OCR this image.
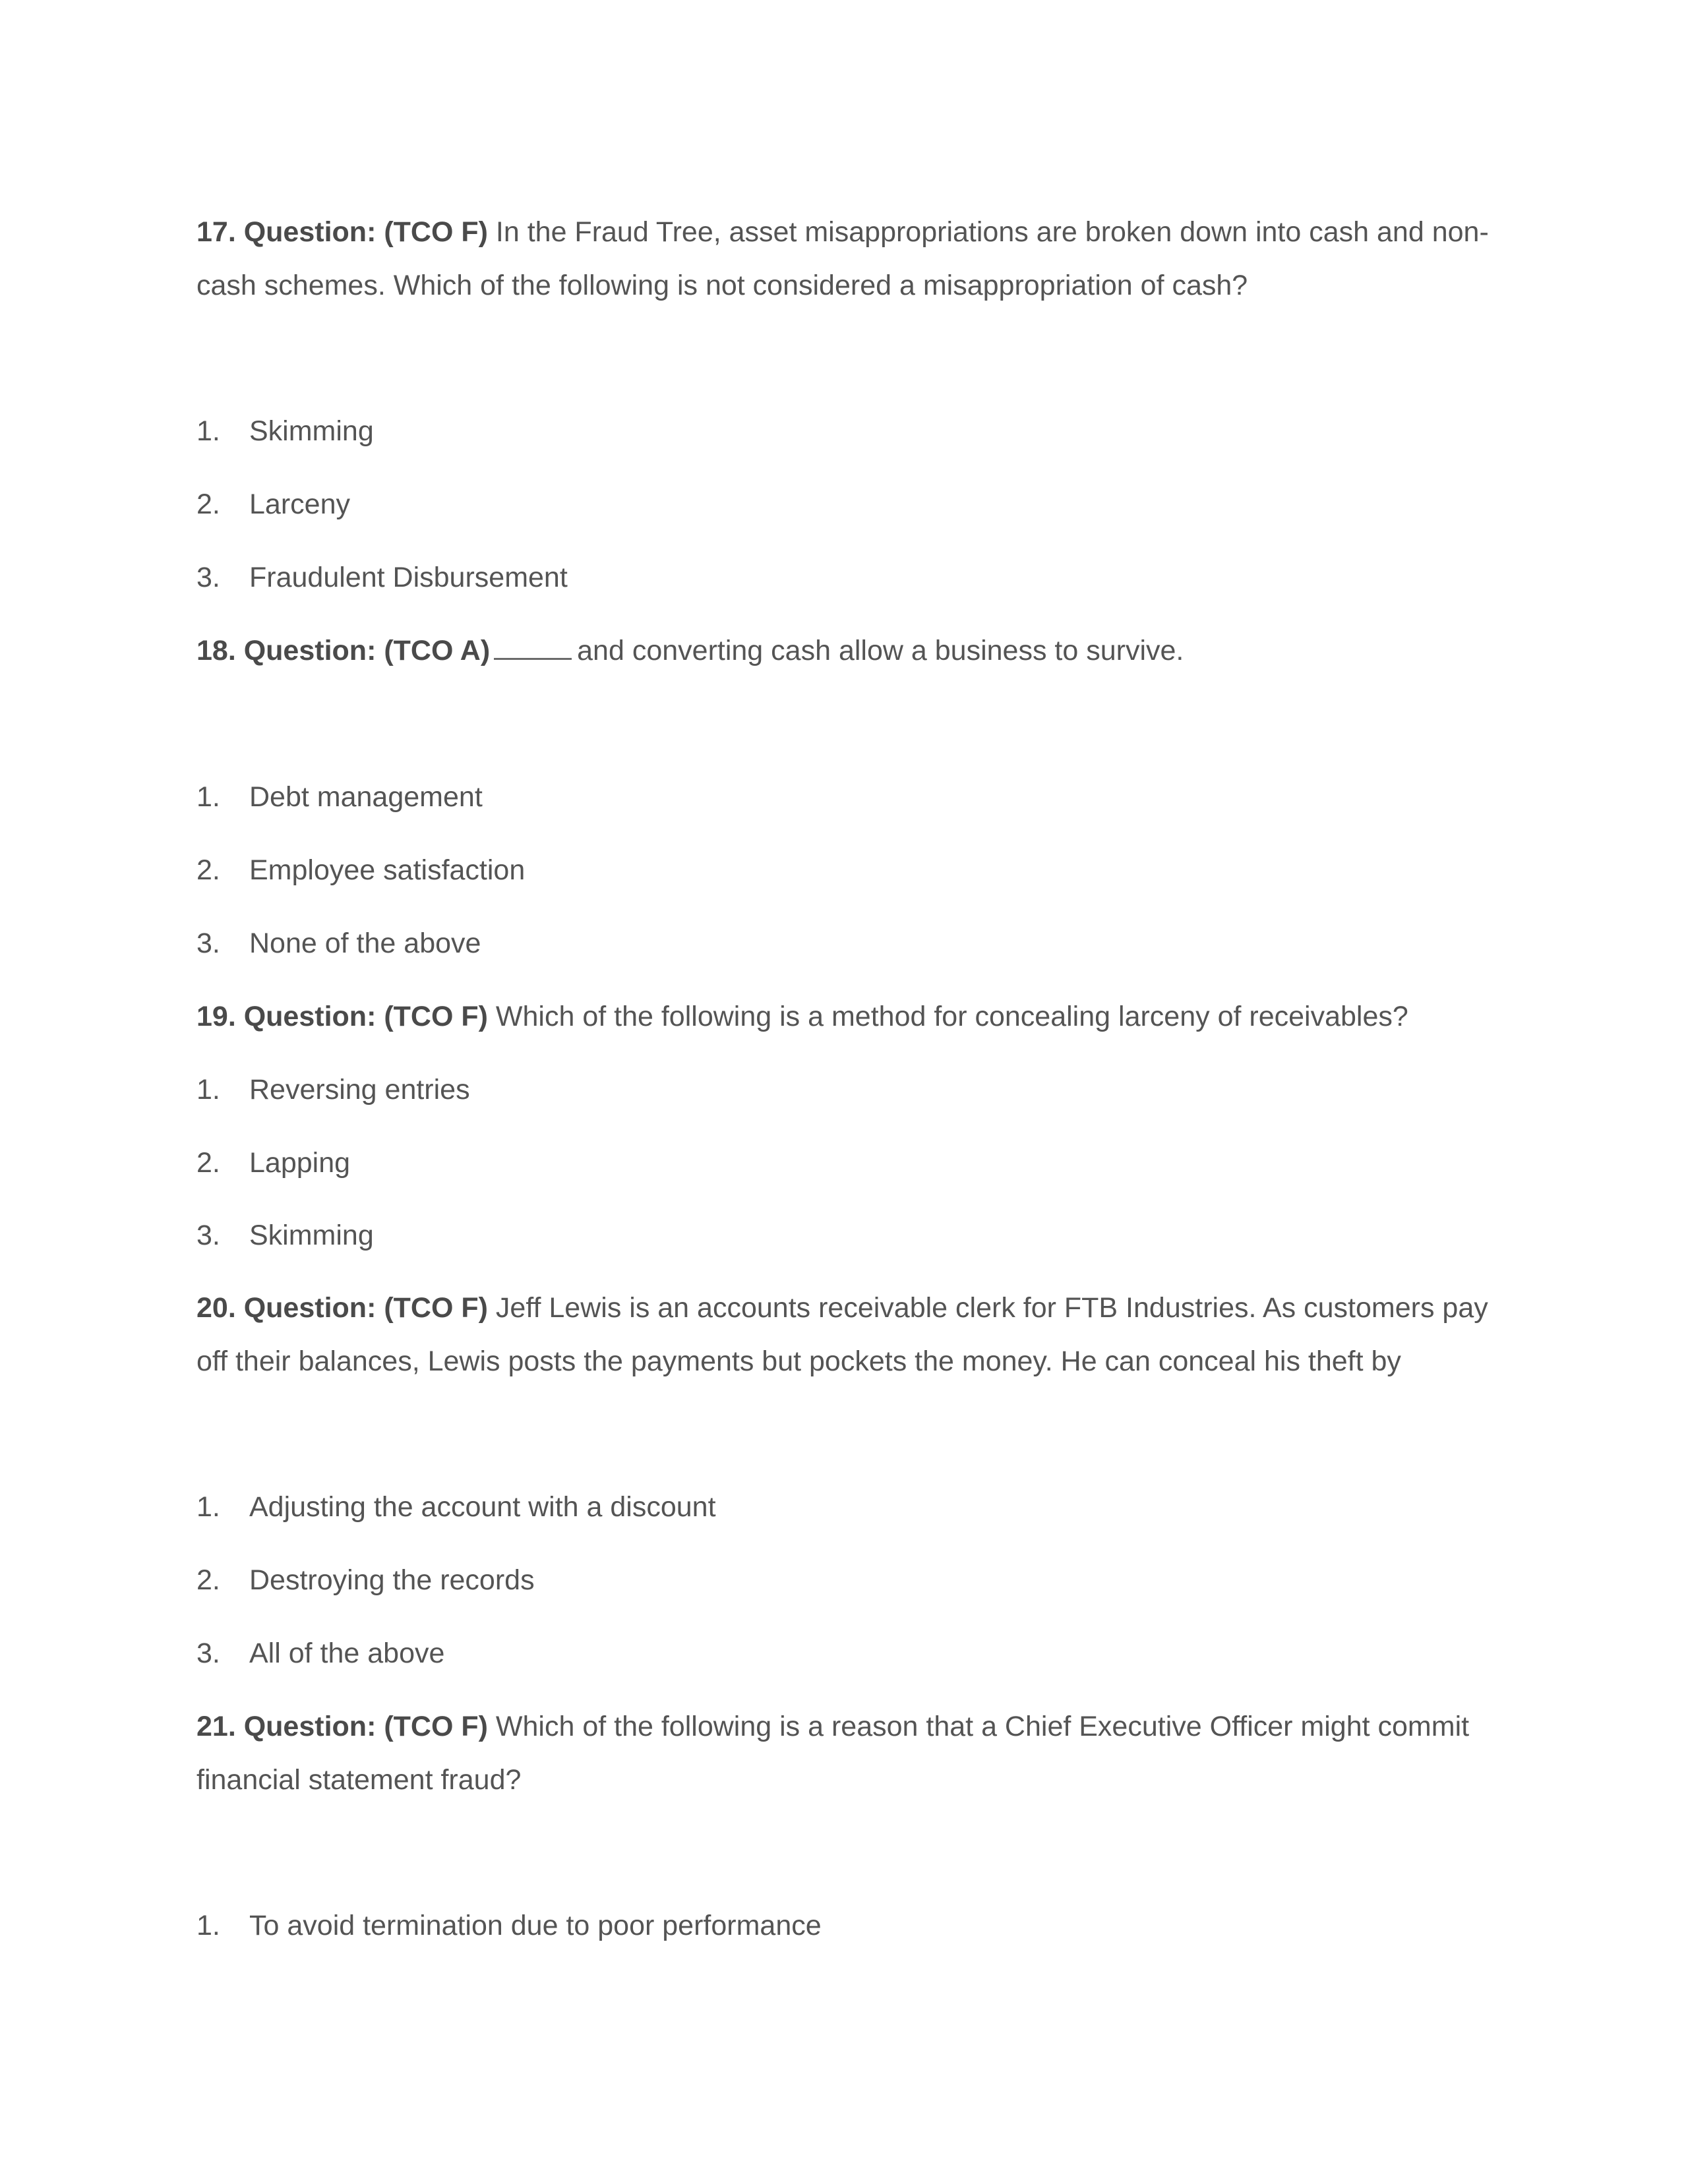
17. Question: (TCO F) In the Fraud Tree, asset misappropriations are broken down into cash and non-
cash schemes. Which of the following is not considered a misappropriation of cash?
1. Skimming
2. Larceny
3. Fraudulent Disbursement
18. Question: (TCO A)	and converting cash allow a business to survive.
1. Debt management
2. Employee satisfaction
3. None of the above
19. Question: (TCO F) Which of the following is a method for concealing larceny of receivables?
1. Reversing entries
2. Lapping
3. Skimming
20. Question: (TCO F) Jeff Lewis is an accounts receivable clerk for FTB Industries. As customers pay
off their balances, Lewis posts the payments but pockets the money. He can conceal his theft by
1. Adjusting the account with a discount
2. Destroying the records
3. All of the above
21. Question: (TCO F) Which of the following is a reason that a Chief Executive Officer might commit
financial statement fraud?
1. To avoid termination due to poor performance
